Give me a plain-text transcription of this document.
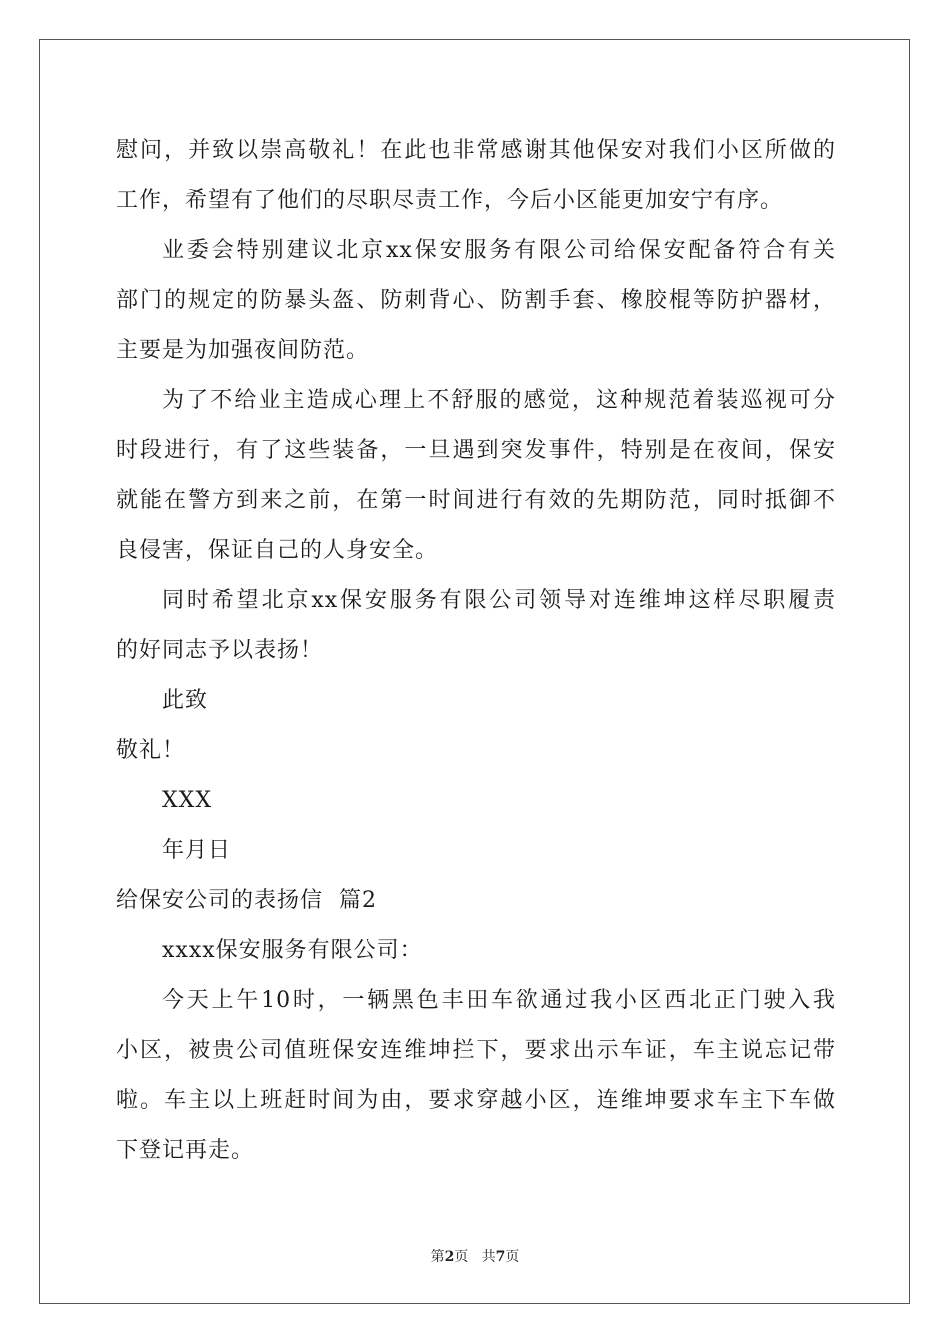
慰问，并致以崇高敬礼！在此也非常感谢其他保安对我们小区所做的
工作，希望有了他们的尽职尽责工作，今后小区能更加安宁有序。
业委会特别建议北京xx保安服务有限公司给保安配备符合有关
部门的规定的防暴头盔、防刺背心、防割手套、橡胶棍等防护器材，
主要是为加强夜间防范。
为了不给业主造成心理上不舒服的感觉，这种规范着装巡视可分
时段进行，有了这些装备，一旦遇到突发事件，特别是在夜间，保安
就能在警方到来之前，在第一时间进行有效的先期防范，同时抵御不
良侵害，保证自己的人身安全。
同时希望北京xx保安服务有限公司领导对连维坤这样尽职履责
的好同志予以表扬！
此致
敬礼！
XXX
年月日
给保安公司的表扬信  篇2
xxxx保安服务有限公司：
今天上午10时，一辆黑色丰田车欲通过我小区西北正门驶入我
小区，被贵公司值班保安连维坤拦下，要求出示车证，车主说忘记带
啦。车主以上班赶时间为由，要求穿越小区，连维坤要求车主下车做
下登记再走。
第2页 共7页
